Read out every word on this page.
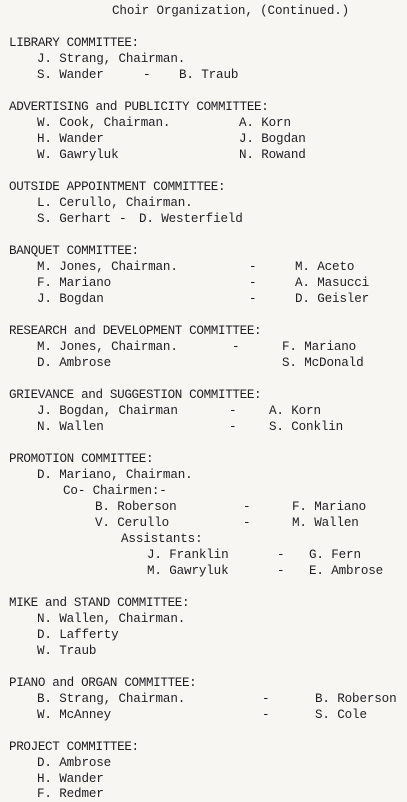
Choir Organization, (Continued.)
LIBRARY COMMITTEE:
J. Strang, Chairman.
S. Wander	- B. Traub
ADVERTISING and PUBLICITY COMMITTEE:
W. Cook, Chairman.	A. Korn
H. Wander	J. Bogdan
W. Gawryluk	N. Rowand
OUTSIDE APPOINTMENT COMMITTEE:
L. Cerullo, Chairman.
S. Gerhart - D. Westerfield
BANQUET COMMITTEE:
M. Jones, Chairman.	-	M. Aceto
F. Mariano	-	A. Masucci
J. Bogdan	-	D. Geisler
RESEARCH and DEVELOPMENT COMMITTEE:
M. Jones, Chairman.	-	F. Mariano
D. Ambrose	S. McDonald
GRIEVANCE and SUGGESTION COMMITTEE:
J. Bogdan, Chairman	-	A. Korn
N. Wallen	-	S. Conklin
PROMOTION COMMITTEE:
D. Mariano, Chairman.
Co- Chairmen:-
B. Roberson	-	F. Mariano
V. Cerullo	-	M. Wallen
Assistants:
J. Franklin	- G. Fern
M. Gawryluk	- E. Ambrose
MIKE and STAND COMMITTEE:
N. Wallen, Chairman.
D. Lafferty
W. Traub
PIANO and ORGAN COMMITTEE:
B. Strang, Chairman.	-	B. Roberson
W. McAnney	-	S. Cole
PROJECT COMMITTEE:
D. Ambrose
H. Wander
F. Redmer
